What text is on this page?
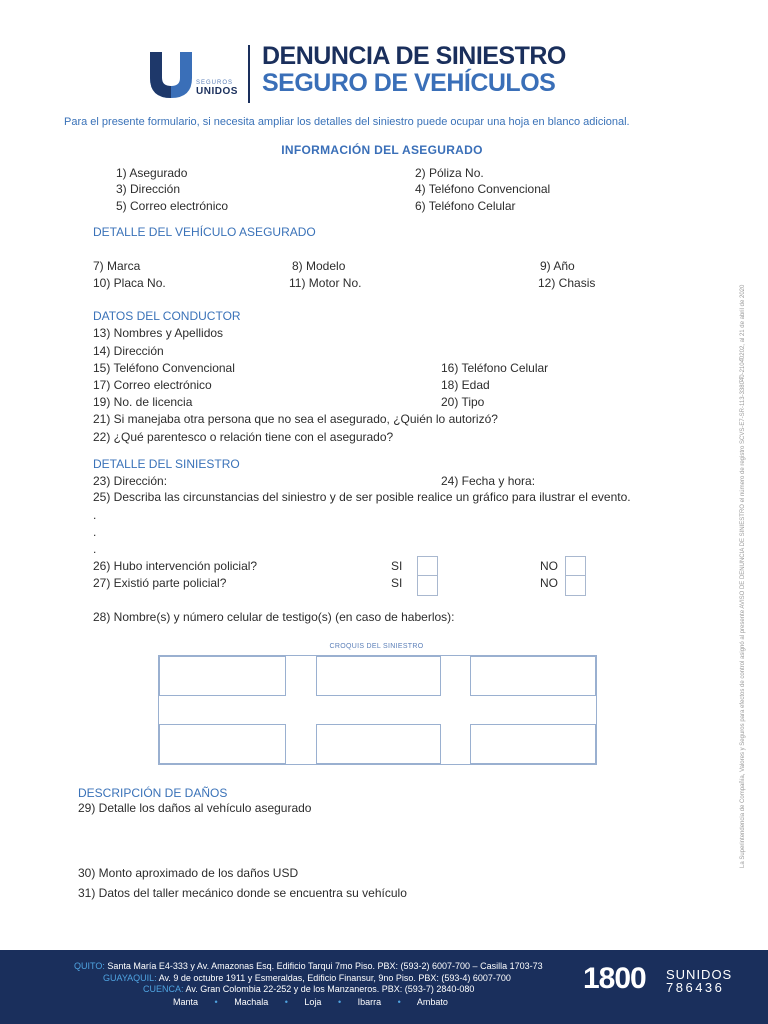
SEGUROS
UNIDOS
DENUNCIA DE SINIESTRO
SEGURO DE VEHÍCULOS
Para el presente formulario, si necesita ampliar los detalles del siniestro puede ocupar una hoja en blanco adicional.
INFORMACIÓN DEL ASEGURADO
1) Asegurado	2) Póliza No.
3) Dirección	4) Teléfono Convencional
5) Correo electrónico	6) Teléfono Celular
DETALLE DEL VEHÍCULO ASEGURADO
7) Marca	8) Modelo	9) Año
10) Placa No.	11) Motor No.	12) Chasis
DATOS DEL CONDUCTOR
13) Nombres y Apellidos
14) Dirección
15) Teléfono Convencional	16) Teléfono Celular
17) Correo electrónico	18) Edad
19) No. de licencia	20) Tipo
21) Si manejaba otra persona que no sea el asegurado, ¿Quién lo autorizó?
22) ¿Qué parentesco o relación tiene con el asegurado?
DETALLE DEL SINIESTRO
23) Dirección:	24) Fecha y hora:
25) Describa las circunstancias del siniestro y de ser posible realice un gráfico para ilustrar el evento.
.
.
.
26) Hubo intervención policial?	SI	NO
27) Existió parte policial?	SI	NO
28) Nombre(s) y número celular de testigo(s) (en caso de haberlos):
CROQUIS DEL SINIESTRO
DESCRIPCIÓN DE DAÑOS
29) Detalle los daños al vehículo asegurado
30) Monto aproximado de los daños USD
31) Datos del taller mecánico donde se encuentra su vehículo
La Superintendencia de Compañía, Valores y Seguros para efectos de control asignó al presente AVISO DE DENUNCIA DE SINIESTRO el número de registro SCVS-E7-SR-113-3380̂4̂0-2104̂0202, al 21 de abril de 2020
QUITO: Santa María E4-333 y Av. Amazonas Esq. Edificio Tarqui 7mo Piso. PBX: (593-2) 6007-700 – Casilla 1703-73
GUAYAQUIL: Av. 9 de octubre 1911 y Esmeraldas, Edificio Finansur, 9no Piso. PBX: (593-4) 6007-700
CUENCA: Av. Gran Colombia 22-252 y de los Manzaneros. PBX: (593-7) 2840-080
Manta • Machala • Loja • Ibarra • Ambato
1800 SUNIDOS
786436
